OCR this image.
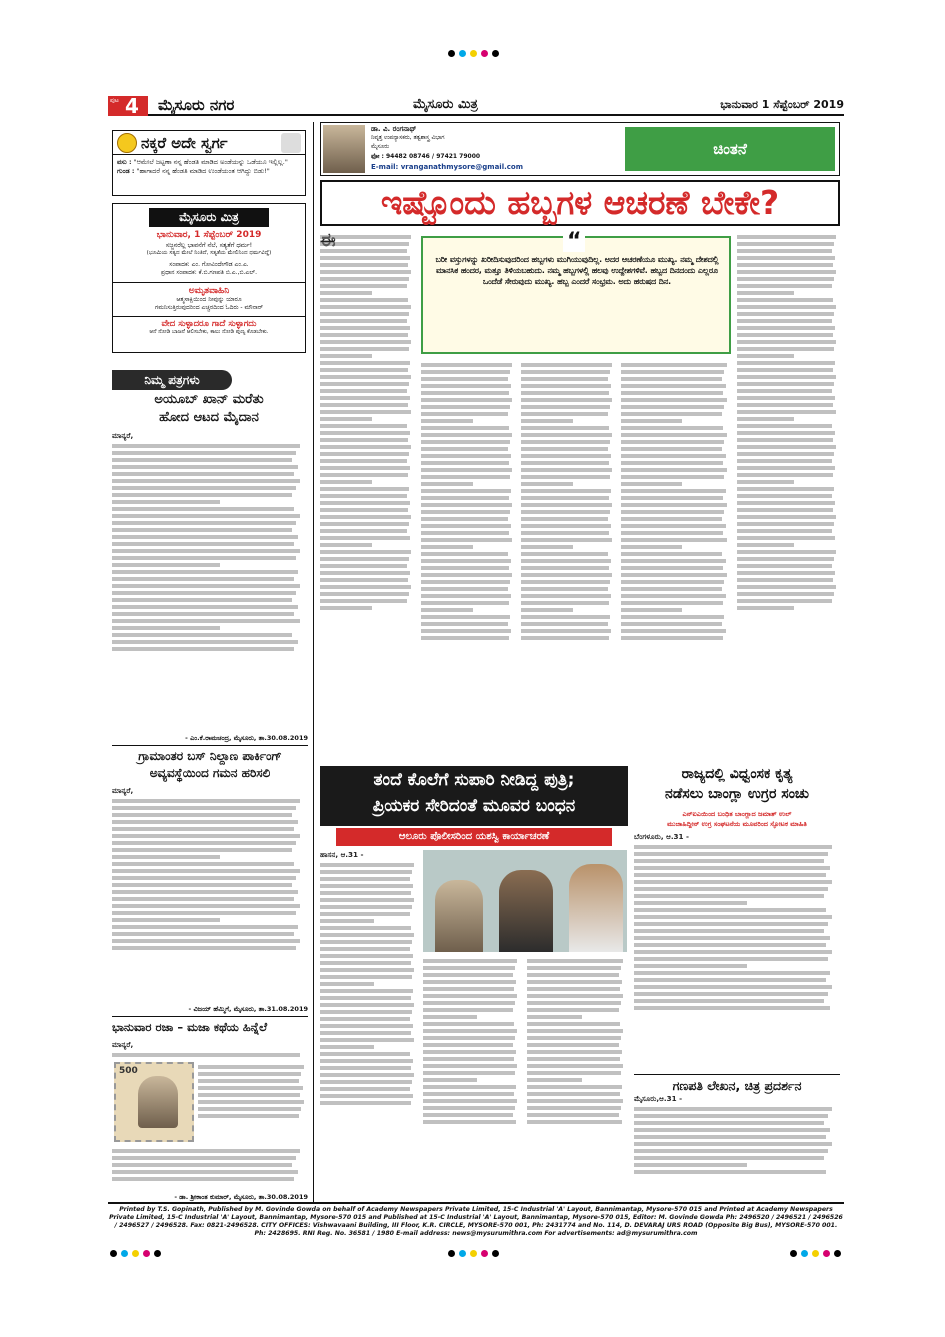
ಪುಟ 4 ಮೈಸೂರು ನಗರ	ಮೈಸೂರು ಮಿತ್ರ	ಭಾನುವಾರ 1 ಸೆಪ್ಟೆಂಬರ್ 2019
ನಕ್ಕರೆ ಅದೇ ಸ್ವರ್ಗ
ವಸು : "ಆಮೇಲೆ ಜಟ್ಟಣಾ ನನ್ನ ಹೆಂಡತಿ ಮಾಡಿದ ಅಂಡೆಯನ್ನು ಒಡೆಯೂ ಇಲ್ಲಿಲ್ಲ."
ಗುಂಡ : "ಹಾಗಾದರೆ ನನ್ನ ಹೆಂಡತಿ ಮಾಡಿದ ಉಂಡೆಯಂತ ಆಗಿದ್ದು ಬಿಡು!"
ಮೈಸೂರು ಮಿತ್ರ
ಭಾನುವಾರ, 1 ಸೆಪ್ಟೆಂಬರ್ 2019
ಸಜ್ಜನರೆಲ್ಲ ಭಾವನೆಗೆ ನೆಲೆ, ಸತ್ಯತೆಗೆ ಧರ್ಮ!
(ಭೂಮಿಯ ಸತ್ಯದ ಮೇಲೆ ನಿಂತಿದೆ, ಸತ್ಯತೆಯ ಮೇಲಿನಿಂದ ಧರ್ಮವಿದ್ದೆ)
ಸಂಪಾದಕ: ಎಂ. ಗೋವಿಂದೇಗೌಡ ಎಂ.ಎ.
ಪ್ರಧಾನ ಸಂಪಾದಕ: ಕೆ.ಬಿ.ಗಣಪತಿ ಬಿ.ಎ.,ಬಿ.ಎಲ್.
ಅಮೃತವಾಹಿನಿ
ಆತ್ಮಸಾಕ್ಷಿಯಿಂದ ನೀವುನ್ನು ಯಾರೂ
ಗಮನಿಸುತ್ತಿರುವುದರಿಂದ ಎಚ್ಚರದಿಂದ ಓದಿರು - ಮೌನಾರ್
ವೇದ ಸುಳ್ಳಾದರೂ ಗಾದೆ ಸುಳ್ಳಾಗದು
ಆನೆ ನೋಡಿ ಬಾಜನೆ ಆಲಿಸಬೇಕು, ಕಾಲು ನೋಡಿ ಪುಣ್ಯ ಕೊಡಬೇಕು.
ನಿಮ್ಮ ಪತ್ರಗಳು
ಅಯೂಬ್ ಖಾನ್ ಮರೆತು
ಹೋದ ಆಟದ ಮೈದಾನ
ಮಾನ್ಯರೆ,
- ಎಂ.ಕೆ.ರಾಮಚಂದ್ರ, ಮೈಸೂರು, ತಾ.30.08.2019
ಗ್ರಾಮಾಂತರ ಬಸ್ ನಿಲ್ದಾಣ ಪಾರ್ಕಿಂಗ್
ಅವ್ಯವಸ್ಥೆಯಿಂದ ಗಮನ ಹರಿಸಲಿ
ಮಾನ್ಯರೆ,
- ವಿಜಯ್ ಹೆಮ್ಮಿಗೆ, ಮೈಸೂರು, ತಾ.31.08.2019
ಭಾನುವಾರ ರಜಾ – ಮಜಾ ಕಥೆಯ ಹಿನ್ನೆಲೆ
ಮಾನ್ಯರೆ,
500
- ಡಾ. ಶ್ರೀಕಾಂತ ಕುಮಾರ್, ಮೈಸೂರು, ತಾ.30.08.2019
ಡಾ. ವಿ. ರಂಗನಾಥ್
ನಿವೃತ್ತ ಉಪನ್ಯಾಸಕರು, ತತ್ವಶಾಸ್ತ್ರ ವಿಭಾಗ
ಮೈಸೂರು
ಫೋ : 94482 08746 / 97421 79000
E-mail: vranganathmysore@gmail.com
ಚಿಂತನೆ
ಇಷ್ಟೊಂದು ಹಬ್ಬಗಳ ಆಚರಣೆ ಬೇಕೇ?
“
ಬರೀ ವಸ್ತುಗಳನ್ನು ಖರೀದಿಸುವುದರಿಂದ ಹಬ್ಬಗಳು ಮುಗಿಯುವುದಿಲ್ಲ. ಅದರ ಆಚರಣೆಯೂ ಮುಖ್ಯ. ನಮ್ಮ ದೇಶದಲ್ಲಿ ಮಾನಸಿಕ ಹಂದರ, ಮತ್ತೂ ತಿಳಿಯಬಹುದು. ನಮ್ಮ ಹಬ್ಬಗಳಲ್ಲಿ ಹಲವು ಉದ್ದೇಶಗಳಿವೆ. ಹಬ್ಬದ ದಿನದಂದು ಎಲ್ಲರೂ ಒಂದೆಡೆ ಸೇರುವುದು ಮುಖ್ಯ. ಹಬ್ಬ ಎಂದರೆ ಸಂಭ್ರಮ. ಅದು ಹರುಷದ ದಿನ.
ತಂದೆ ಕೊಲೆಗೆ ಸುಪಾರಿ ನೀಡಿದ್ದ ಪುತ್ರಿ;
ಪ್ರಿಯಕರ ಸೇರಿದಂತೆ ಮೂವರ ಬಂಧನ
ಆಲೂರು ಪೊಲೀಸರಿಂದ ಯಶಸ್ವಿ ಕಾರ್ಯಾಚರಣೆ
ಹಾಸನ, ಆ.31 -
ರಾಜ್ಯದಲ್ಲಿ ವಿಧ್ವಂಸಕ ಕೃತ್ಯ
ನಡೆಸಲು ಬಾಂಗ್ಲಾ ಉಗ್ರರ ಸಂಚು
ಎನ್‌ಐಎಯಿಂದ ಬಂಧಿತ ಬಾಂಗ್ಲಾದ ಜಮಾತ್ ಉಲ್
ಮುಜಾಹಿದ್ದೀನ್ ಉಗ್ರ ಸಂಘಟನೆಯ ಮೂವರಿಂದ ಸ್ಫೋಟಕ ಮಾಹಿತಿ
ಬೆಂಗಳೂರು, ಆ.31 -
ಗಣಪತಿ ಲೇಖನ, ಚಿತ್ರ ಪ್ರದರ್ಶನ
ಮೈಸೂರು,ಆ.31 -
Printed by T.S. Gopinath, Published by M. Govinde Gowda on behalf of Academy Newspapers Private Limited, 15-C Industrial 'A' Layout, Bannimantap, Mysore-570 015 and Printed at Academy Newspapers Private Limited, 15-C Industrial 'A' Layout, Bannimantap, Mysore-570 015 and Published at 15-C Industrial 'A' Layout, Bannimantap, Mysore-570 015, Editor: M. Govinde Gowda Ph: 2496520 / 2496521 / 2496526 / 2496527 / 2496528. Fax: 0821-2496528. CITY OFFICES: Vishwavaani Building, III Floor, K.R. CIRCLE, MYSORE-570 001, Ph: 2431774 and No. 114, D. DEVARAJ URS ROAD (Opposite Big Bus), MYSORE-570 001. Ph: 2428695. RNI Reg. No. 36581 / 1980 E-mail address: news@mysurumithra.com For advertisements: ad@mysurumithra.com
